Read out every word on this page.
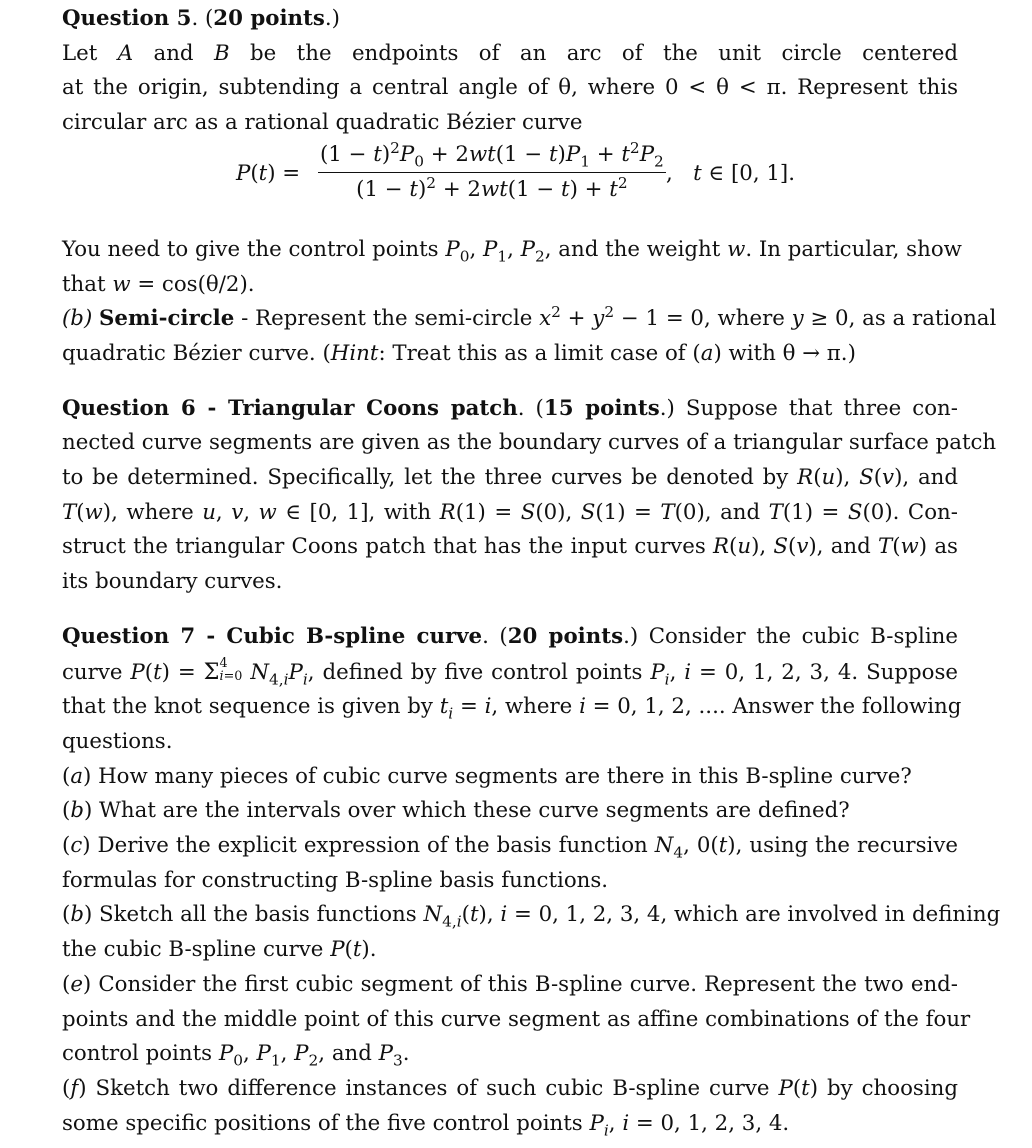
Question 5. (20 points.)
Let A and B be the endpoints of an arc of the unit circle centered
at the origin, subtending a central angle of θ, where 0 < θ < π. Represent this
circular arc as a rational quadratic Bézier curve
P(t) =
$(1 - t)^2P_0 + 2wt(1 - t)P_1 + t^2P_2$
$(1 - t)^2 + 2wt(1 - t) + t^2$ ,   t ∈ [0, 1].
You need to give the control points $P_0$, $P_1$, $P_2$, and the weight w. In particular, show
that w = cos(θ/2).
(b) Semi-circle - Represent the semi-circle $x^2 + y^2 - 1 = 0$, where y ≥ 0, as a rational
quadratic Bézier curve. (Hint: Treat this as a limit case of (a) with θ → π.)
Question 6 - Triangular Coons patch. (15 points.) Suppose that three con-
nected curve segments are given as the boundary curves of a triangular surface patch
to be determined. Specifically, let the three curves be denoted by R(u), S(v), and
T(w), where u, v, w ∈ [0, 1], with R(1) = S(0), S(1) = T(0), and T(1) = S(0). Con-
struct the triangular Coons patch that has the input curves R(u), S(v), and T(w) as
its boundary curves.
Question 7 - Cubic B-spline curve. (20 points.) Consider the cubic B-spline
curve P(t) = Σ 4
i=0 $N_{4,i}P_i$, defined by five control points $P_i$, i = 0, 1, 2, 3, 4. Suppose
that the knot sequence is given by $t_i = i$, where i = 0, 1, 2, .... Answer the following
questions.
(a) How many pieces of cubic curve segments are there in this B-spline curve?
(b) What are the intervals over which these curve segments are defined?
(c) Derive the explicit expression of the basis function $N_4$, 0(t), using the recursive
formulas for constructing B-spline basis functions.
(b) Sketch all the basis functions $N_{4,i}(t)$, i = 0, 1, 2, 3, 4, which are involved in defining
the cubic B-spline curve P(t).
(e) Consider the first cubic segment of this B-spline curve. Represent the two end-
points and the middle point of this curve segment as affine combinations of the four
control points $P_0$, $P_1$, $P_2$, and $P_3$.
(f) Sketch two difference instances of such cubic B-spline curve P(t) by choosing
some specific positions of the five control points $P_i$, i = 0, 1, 2, 3, 4.
